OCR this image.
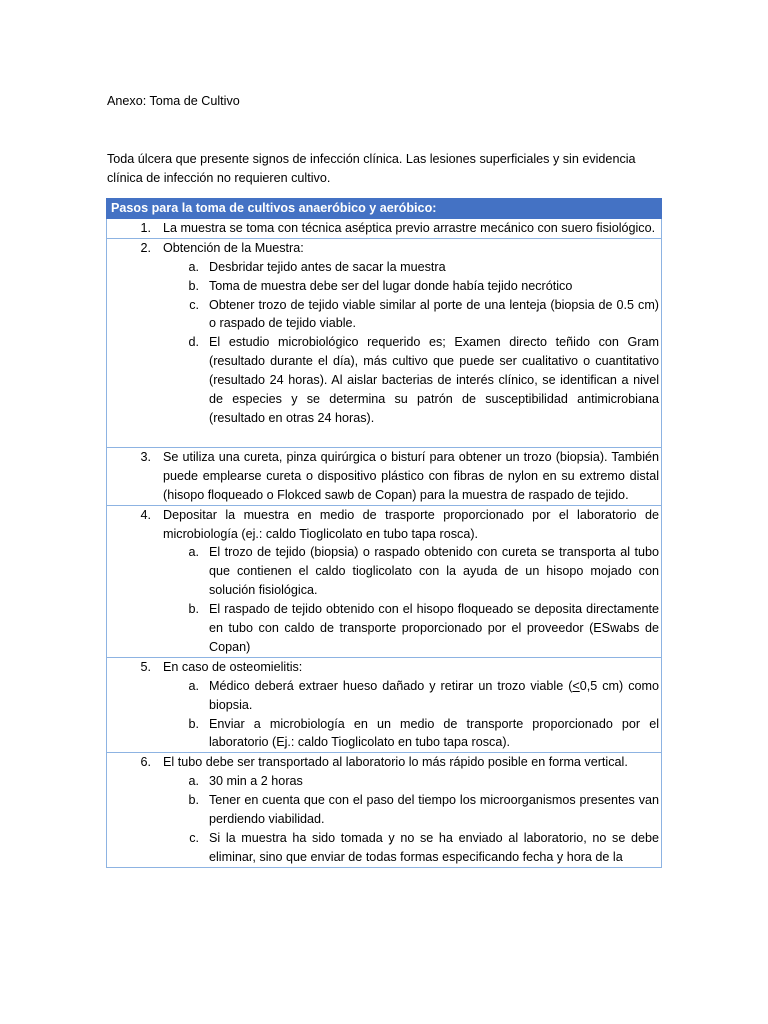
Anexo: Toma de Cultivo

Toda úlcera que presente signos de infección clínica. Las lesiones superficiales y sin evidencia clínica de infección no requieren cultivo.

Pasos para la toma de cultivos anaeróbico y aeróbico:

1. La muestra se toma con técnica aséptica previo arrastre mecánico con suero fisiológico.

2. Obtención de la Muestra:
a. Desbridar tejido antes de sacar la muestra
b. Toma de muestra debe ser del lugar donde había tejido necrótico
c. Obtener trozo de tejido viable similar al porte de una lenteja (biopsia de 0.5 cm) o raspado de tejido viable.
d. El estudio microbiológico requerido es; Examen directo teñido con Gram (resultado durante el día), más cultivo que puede ser cualitativo o cuantitativo (resultado 24 horas). Al aislar bacterias de interés clínico, se identifican a nivel de especies y se determina su patrón de susceptibilidad antimicrobiana (resultado en otras 24 horas).

3. Se utiliza una cureta, pinza quirúrgica o bisturí para obtener un trozo (biopsia). También puede emplearse cureta o dispositivo plástico con fibras de nylon en su extremo distal (hisopo floqueado o Flokced sawb de Copan) para la muestra de raspado de tejido.

4. Depositar la muestra en medio de trasporte proporcionado por el laboratorio de microbiología (ej.: caldo Tioglicolato en tubo tapa rosca).
a. El trozo de tejido (biopsia) o raspado obtenido con cureta se transporta al tubo que contienen el caldo tioglicolato con la ayuda de un hisopo mojado con solución fisiológica.
b. El raspado de tejido obtenido con el hisopo floqueado se deposita directamente en tubo con caldo de transporte proporcionado por el proveedor (ESwabs de Copan)

5. En caso de osteomielitis:
a. Médico deberá extraer hueso dañado y retirar un trozo viable (≤0,5 cm) como biopsia.
b. Enviar a microbiología en un medio de transporte proporcionado por el laboratorio (Ej.: caldo Tioglicolato en tubo tapa rosca).

6. El tubo debe ser transportado al laboratorio lo más rápido posible en forma vertical.
a. 30 min a 2 horas
b. Tener en cuenta que con el paso del tiempo los microorganismos presentes van perdiendo viabilidad.
c. Si la muestra ha sido tomada y no se ha enviado al laboratorio, no se debe eliminar, sino que enviar de todas formas especificando fecha y hora de la
